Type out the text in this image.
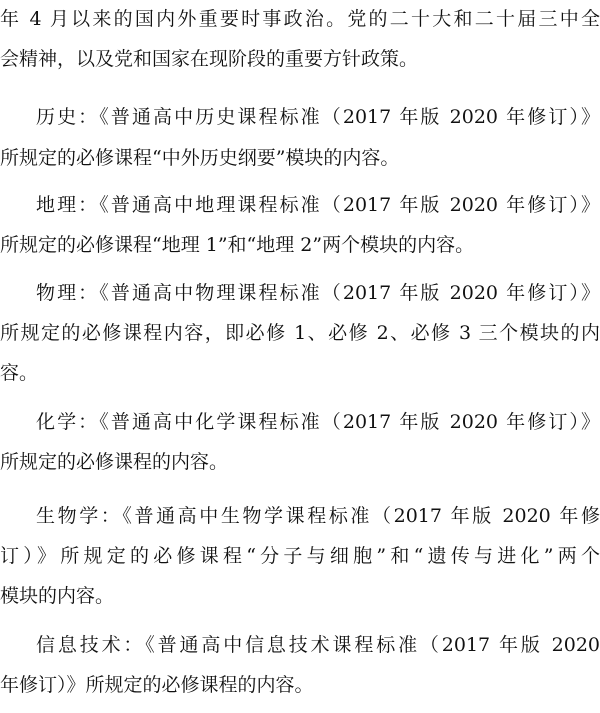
年 4 月以来的国内外重要时事政治。党的二十大和二十届三中全
会精神，以及党和国家在现阶段的重要方针政策。
历史：《普通高中历史课程标准（2017 年版 2020 年修订）》
所规定的必修课程“中外历史纲要”模块的内容。
地理：《普通高中地理课程标准（2017 年版 2020 年修订）》
所规定的必修课程“地理 1”和“地理 2”两个模块的内容。
物理：《普通高中物理课程标准（2017 年版 2020 年修订）》
所规定的必修课程内容，即必修 1、必修 2、必修 3 三个模块的内
容。
化学：《普通高中化学课程标准（2017 年版 2020 年修订）》
所规定的必修课程的内容。
生物学：《普通高中生物学课程标准（2017 年版 2020 年修
订）》所规定的必修课程“分子与细胞”和“遗传与进化”两个
模块的内容。
信息技术：《普通高中信息技术课程标准（2017 年版 2020
年修订）》所规定的必修课程的内容。
